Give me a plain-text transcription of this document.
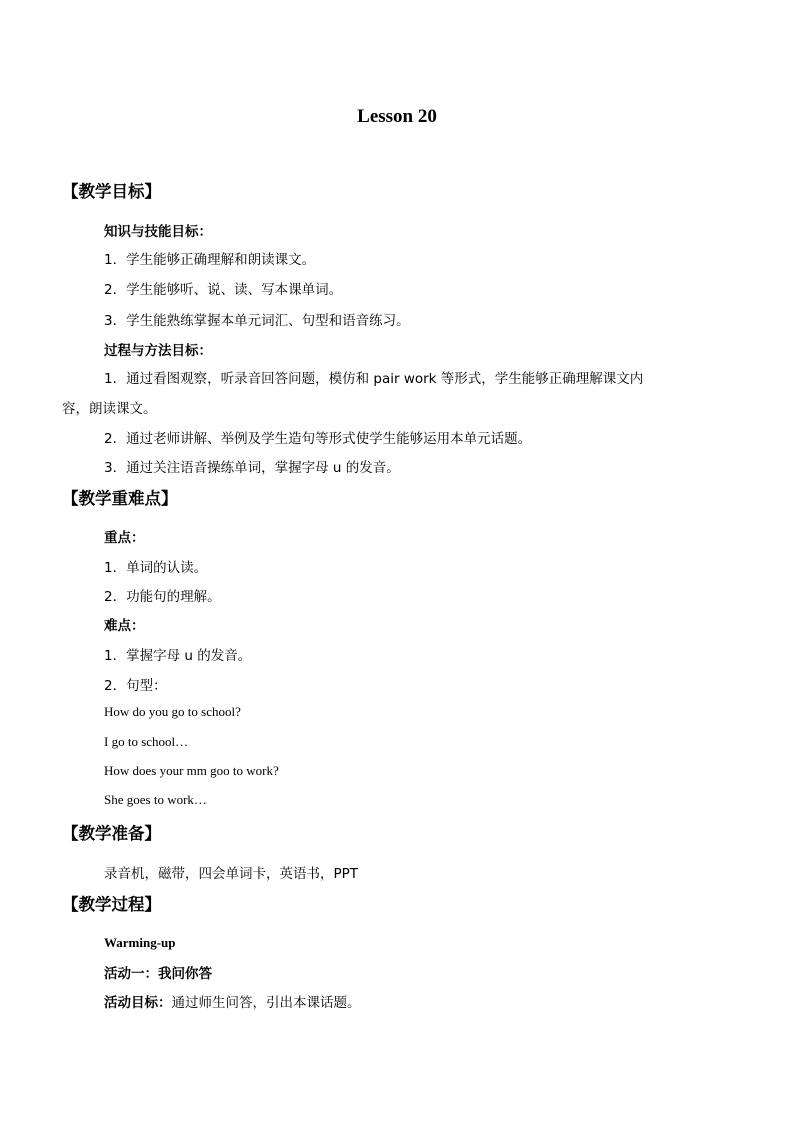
Lesson 20
【教学目标】
知识与技能目标：
1．学生能够正确理解和朗读课文。
2．学生能够听、说、读、写本课单词。
3．学生能熟练掌握本单元词汇、句型和语音练习。
过程与方法目标：
1．通过看图观察，听录音回答问题，模仿和 pair work 等形式，学生能够正确理解课文内
容，朗读课文。
2．通过老师讲解、举例及学生造句等形式使学生能够运用本单元话题。
3．通过关注语音操练单词，掌握字母 u 的发音。
【教学重难点】
重点：
1．单词的认读。
2．功能句的理解。
难点：
1．掌握字母 u 的发音。
2．句型：
How do you go to school?
I go to school…
How does your mm goo to work?
She goes to work…
【教学准备】
录音机，磁带，四会单词卡，英语书，PPT
【教学过程】
Warming-up
活动一：我问你答
活动目标：通过师生问答，引出本课话题。
